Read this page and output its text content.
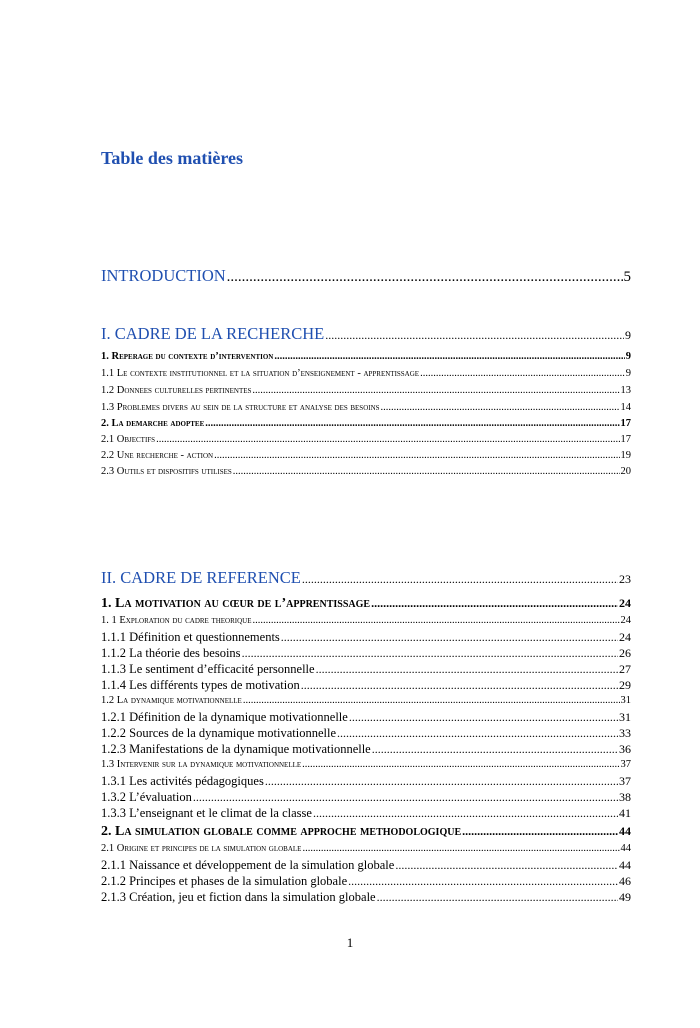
Table des matières
INTRODUCTION .....	5
I. CADRE DE LA RECHERCHE .....	9
1. Reperage du contexte d’intervention .....	9
1.1 Le contexte institutionnel et la situation d’enseignement - apprentissage .....	9
1.2 Donnees culturelles pertinentes .....	13
1.3 Problemes divers au sein de la structure et analyse des besoins .....	14
2. La demarche adoptee .....	17
2.1 Objectifs .....	17
2.2 Une recherche - action .....	19
2.3 Outils et dispositifs utilises .....	20
II. CADRE DE REFERENCE .....	23
1. La motivation au cœur de l’apprentissage .....	24
1. 1 Exploration du cadre theorique .....	24
1.1.1 Définition et questionnements .....	24
1.1.2 La théorie des besoins .....	26
1.1.3 Le sentiment d’efficacité personnelle .....	27
1.1.4 Les différents types de motivation .....	29
1.2 La dynamique motivationnelle .....	31
1.2.1 Définition de la dynamique motivationnelle .....	31
1.2.2 Sources de la dynamique motivationnelle .....	33
1.2.3 Manifestations de la dynamique motivationnelle .....	36
1.3 Intervenir sur la dynamique motivationnelle .....	37
1.3.1 Les activités pédagogiques .....	37
1.3.2 L’évaluation .....	38
1.3.3 L’enseignant et le climat de la classe .....	41
2. La simulation globale comme approche methodologique .....	44
2.1 Origine et principes de la simulation globale .....	44
2.1.1 Naissance et développement de la simulation globale .....	44
2.1.2 Principes et phases de la simulation globale .....	46
2.1.3 Création, jeu et fiction dans la simulation globale .....	49
1
